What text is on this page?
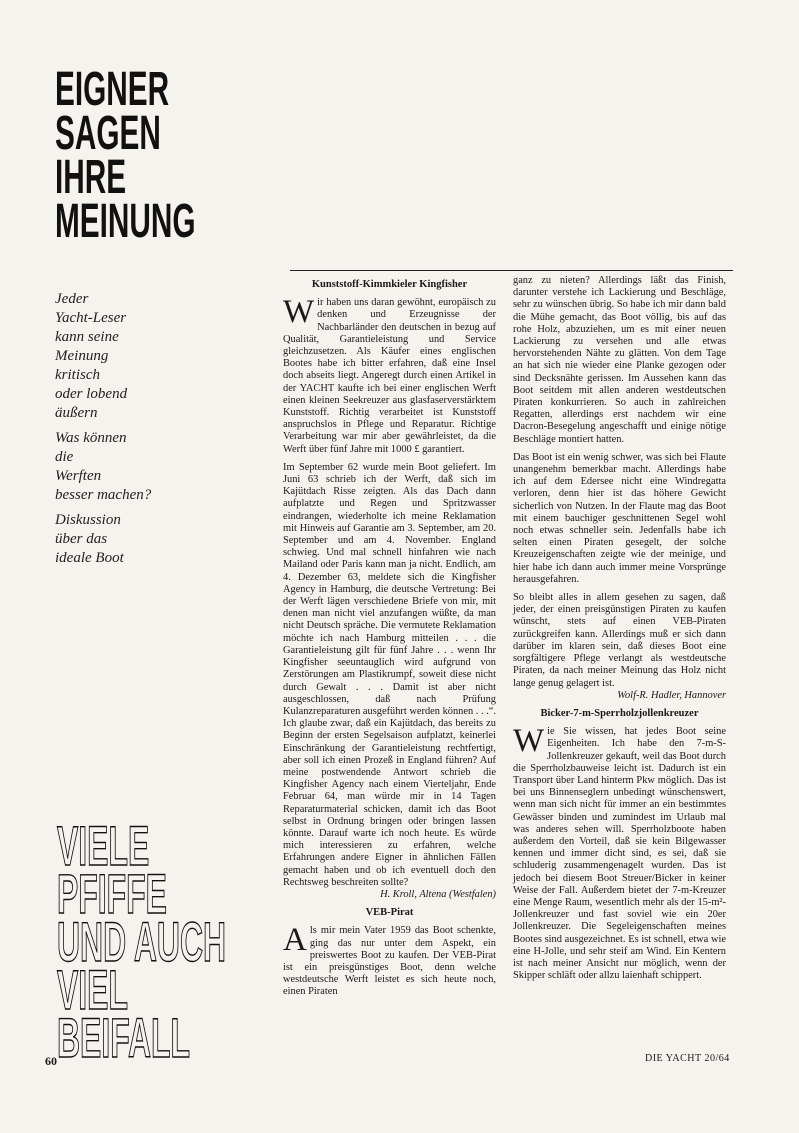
EIGNER
SAGEN
IHRE
MEINUNG
Jeder
Yacht-Leser
kann seine
Meinung
kritisch
oder lobend
äußern
Was können
die
Werften
besser machen?
Diskussion
über das
ideale Boot
VIELE
PFIFFE
UND AUCH
VIEL
BEIFALL
60
Kunststoff-Kimmkieler Kingfisher

Wir haben uns daran gewöhnt, europäisch zu denken und Erzeugnisse der Nachbarländer den deutschen in bezug auf Qualität, Garantieleistung und Service gleichzusetzen. Als Käufer eines englischen Bootes habe ich bitter erfahren, daß eine Insel doch abseits liegt. Angeregt durch einen Artikel in der YACHT kaufte ich bei einer englischen Werft einen kleinen Seekreuzer aus glasfaserverstärktem Kunststoff. Richtig verarbeitet ist Kunststoff anspruchslos in Pflege und Reparatur. Richtige Verarbeitung war mir aber gewährleistet, da die Werft über fünf Jahre mit 1000 £ garantiert.

Im September 62 wurde mein Boot geliefert. Im Juni 63 schrieb ich der Werft, daß sich im Kajütdach Risse zeigten. Als das Dach dann aufplatzte und Regen und Spritzwasser eindrangen, wiederholte ich meine Reklamation mit Hinweis auf Garantie am 3. September, am 20. September und am 4. November. England schwieg. Und mal schnell hinfahren wie nach Mailand oder Paris kann man ja nicht. Endlich, am 4. Dezember 63, meldete sich die Kingfisher Agency in Hamburg, die deutsche Vertretung: Bei der Werft lägen verschiedene Briefe von mir, mit denen man nicht viel anzufangen wüßte, da man nicht Deutsch spräche. Die vermutete Reklamation möchte ich nach Hamburg mitteilen . . . die Garantieleistung gilt für fünf Jahre . . . wenn Ihr Kingfisher seeuntauglich wird aufgrund von Zerstörungen am Plastikrumpf, soweit diese nicht durch Gewalt . . . Damit ist aber nicht ausgeschlossen, daß nach Prüfung Kulanzreparaturen ausgeführt werden können . . .“. Ich glaube zwar, daß ein Kajütdach, das bereits zu Beginn der ersten Segelsaison aufplatzt, keinerlei Einschränkung der Garantieleistung rechtfertigt, aber soll ich einen Prozeß in England führen? Auf meine postwendende Antwort schrieb die Kingfisher Agency nach einem Vierteljahr, Ende Februar 64, man würde mir in 14 Tagen Reparaturmaterial schicken, damit ich das Boot selbst in Ordnung bringen oder bringen lassen könnte. Darauf warte ich noch heute. Es würde mich interessieren zu erfahren, welche Erfahrungen andere Eigner in ähnlichen Fällen gemacht haben und ob ich eventuell doch den Rechtsweg beschreiten sollte?
H. Kroll, Altena (Westfalen)

VEB-Pirat

Als mir mein Vater 1959 das Boot schenkte, ging das nur unter dem Aspekt, ein preiswertes Boot zu kaufen. Der VEB-Pirat ist ein preisgünstiges Boot, denn welche westdeutsche Werft leistet es sich heute noch, einen Piraten

ganz zu nieten? Allerdings läßt das Finish, darunter verstehe ich Lackierung und Beschläge, sehr zu wünschen übrig. So habe ich mir dann bald die Mühe gemacht, das Boot völlig, bis auf das rohe Holz, abzuziehen, um es mit einer neuen Lackierung zu versehen und alle etwas hervorstehenden Nähte zu glätten. Von dem Tage an hat sich nie wieder eine Planke gezogen oder sind Decksnähte gerissen. Im Aussehen kann das Boot seitdem mit allen anderen westdeutschen Piraten konkurrieren. So auch in zahlreichen Regatten, allerdings erst nachdem wir eine Dacron-Besegelung angeschafft und einige nötige Beschläge montiert hatten.

Das Boot ist ein wenig schwer, was sich bei Flaute unangenehm bemerkbar macht. Allerdings habe ich auf dem Edersee nicht eine Windregatta verloren, denn hier ist das höhere Gewicht sicherlich von Nutzen. In der Flaute mag das Boot mit einem bauchiger geschnittenen Segel wohl noch etwas schneller sein. Jedenfalls habe ich selten einen Piraten gesegelt, der solche Kreuzeigenschaften zeigte wie der meinige, und hier habe ich dann auch immer meine Vorsprünge herausgefahren.

So bleibt alles in allem gesehen zu sagen, daß jeder, der einen preisgünstigen Piraten zu kaufen wünscht, stets auf einen VEB-Piraten zurückgreifen kann. Allerdings muß er sich dann darüber im klaren sein, daß dieses Boot eine sorgfältigere Pflege verlangt als westdeutsche Piraten, da nach meiner Meinung das Holz nicht lange genug gelagert ist.
Wolf-R. Hadler, Hannover

Bicker-7-m-Sperrholzjollenkreuzer

Wie Sie wissen, hat jedes Boot seine Eigenheiten. Ich habe den 7-m-S-Jollenkreuzer gekauft, weil das Boot durch die Sperrholzbauweise leicht ist. Dadurch ist ein Transport über Land hinterm Pkw möglich. Das ist bei uns Binnenseglern unbedingt wünschenswert, wenn man sich nicht für immer an ein bestimmtes Gewässer binden und zumindest im Urlaub mal was anderes sehen will. Sperrholzboote haben außerdem den Vorteil, daß sie kein Bilgewasser kennen und immer dicht sind, es sei, daß sie schluderig zusammengenagelt wurden. Das ist jedoch bei diesem Boot Streuer/Bicker in keiner Weise der Fall. Außerdem bietet der 7-m-Kreuzer eine Menge Raum, wesentlich mehr als der 15-m²-Jollenkreuzer und fast soviel wie ein 20er Jollenkreuzer. Die Segeleigenschaften meines Bootes sind ausgezeichnet. Es ist schnell, etwa wie eine H-Jolle, und sehr steif am Wind. Ein Kentern ist nach meiner Ansicht nur möglich, wenn der Skipper schläft oder allzu laienhaft schippert.

DIE YACHT 20/64
